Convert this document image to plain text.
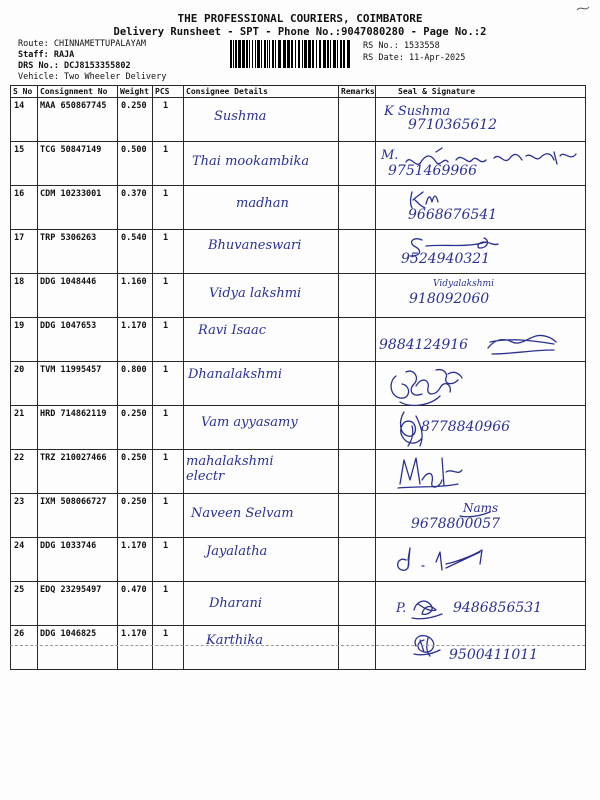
THE PROFESSIONAL COURIERS, COIMBATORE
Delivery Runsheet - SPT - Phone No.:9047080280 - Page No.:2
Route: CHINNAMETTUPALAYAM
Staff: RAJA
DRS No.: DCJ8153355802
Vehicle: Two Wheeler Delivery
RS No.: 1533558
RS Date: 11-Apr-2025
S No	Consignment No	Weight	PCS	Consignee Details	Remarks	Seal & Signature
14	MAA 650867745	0.250	1	Sushma		K Sushma
9710365612

15	TCG 50847149	0.500	1	Thai mookambika		M.
9751469966

16	CDM 10233001	0.370	1	madhan		9668676541

17	TRP 5306263	0.540	1	Bhuvaneswari		9524940321

18	DDG 1048446	1.160	1	Vidya lakshmi		Vidyalakshmi
918092060

19	DDG 1047653	1.170	1	Ravi Isaac		9884124916

20	TVM 11995457	0.800	1	Dhanalakshmi

21	HRD 714862119	0.250	1	Vam ayyasamy		8778840966

22	TRZ 210027466	0.250	1	mahalakshmi
electr

23	IXM 508066727	0.250	1	Naveen Selvam		Nams
9678800057

24	DDG 1033746	1.170	1	Jayalatha

25	EDQ 23295497	0.470	1	Dharani		P. 9486856531

26	DDG 1046825	1.170	1	Karthika		9500411011
